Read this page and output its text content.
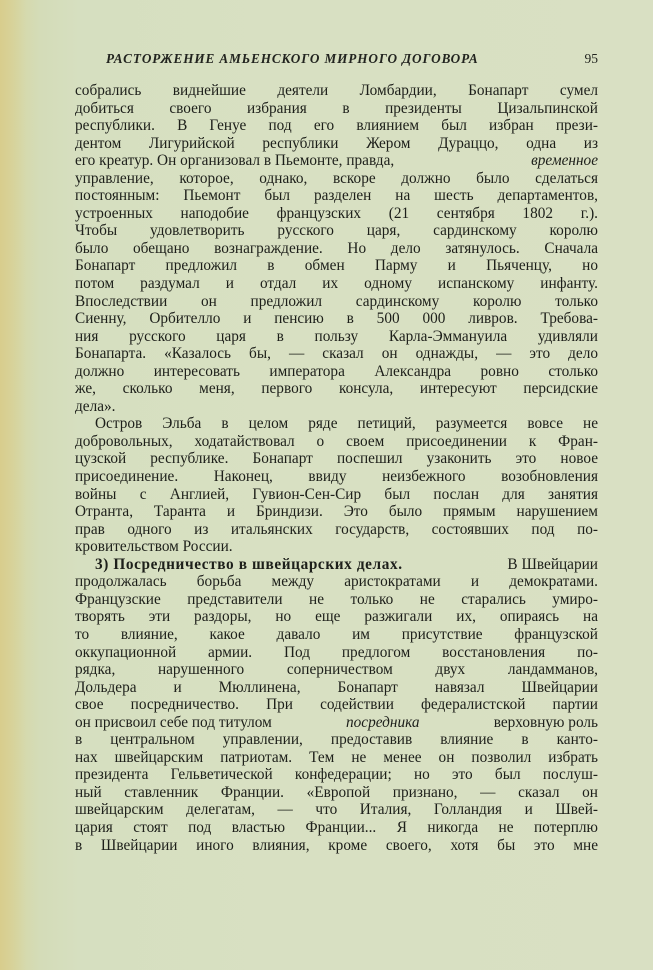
РАСТОРЖЕНИЕ АМЬЕНСКОГО МИРНОГО ДОГОВОРА	95
собрались виднейшие деятели Ломбардии, Бонапарт сумел
добиться своего избрания в президенты Цизальпинской
республики. В Генуе под его влиянием был избран прези-
дентом Лигурийской республики Жером Дураццо, одна из
его креатур. Он организовал в Пьемонте, правда,	временное
управление, которое, однако, вскоре должно было сделаться
постоянным: Пьемонт был разделен на шесть департаментов,
устроенных наподобие французских (21 сентября 1802 г.).
Чтобы удовлетворить русского царя, сардинскому королю
было обещано вознаграждение. Но дело затянулось. Сначала
Бонапарт предложил в обмен Парму и Пьяченцу, но
потом раздумал и отдал их одному испанскому инфанту.
Впоследствии он предложил сардинскому королю только
Сиенну, Орбителло и пенсию в 500 000 ливров. Требова-
ния русского царя в пользу Карла-Эммануила удивляли
Бонапарта. «Казалось бы, — сказал он однажды, — это дело
должно интересовать императора Александра ровно столько
же, сколько меня, первого консула, интересуют персидские
дела».
Остров Эльба в целом ряде петиций, разумеется вовсе не
добровольных, ходатайствовал о своем присоединении к Фран-
цузской республике. Бонапарт поспешил узаконить это новое
присоединение. Наконец, ввиду неизбежного возобновления
войны с Англией, Гувион-Сен-Сир был послан для занятия
Отранта, Таранта и Бриндизи. Это было прямым нарушением
прав одного из итальянских государств, состоявших под по-
кровительством России.
3) Посредничество в швейцарских делах.	В Швейцарии
продолжалась борьба между аристократами и демократами.
Французские представители не только не старались умиро-
творять эти раздоры, но еще разжигали их, опираясь на
то влияние, какое давало им присутствие французской
оккупационной армии. Под предлогом восстановления по-
рядка, нарушенного соперничеством двух ландамманов,
Дольдера и Мюллинена, Бонапарт навязал Швейцарии
свое посредничество. При содействии федералистской партии
он присвоил себе под титулом	посредника	верховную роль
в центральном управлении, предоставив влияние в канто-
нах швейцарским патриотам. Тем не менее он позволил избрать
президента Гельветической конфедерации; но это был послуш-
ный ставленник Франции. «Европой признано, — сказал он
швейцарским делегатам, — что Италия, Голландия и Швей-
цария стоят под властью Франции... Я никогда не потерплю
в Швейцарии иного влияния, кроме своего, хотя бы это мне
